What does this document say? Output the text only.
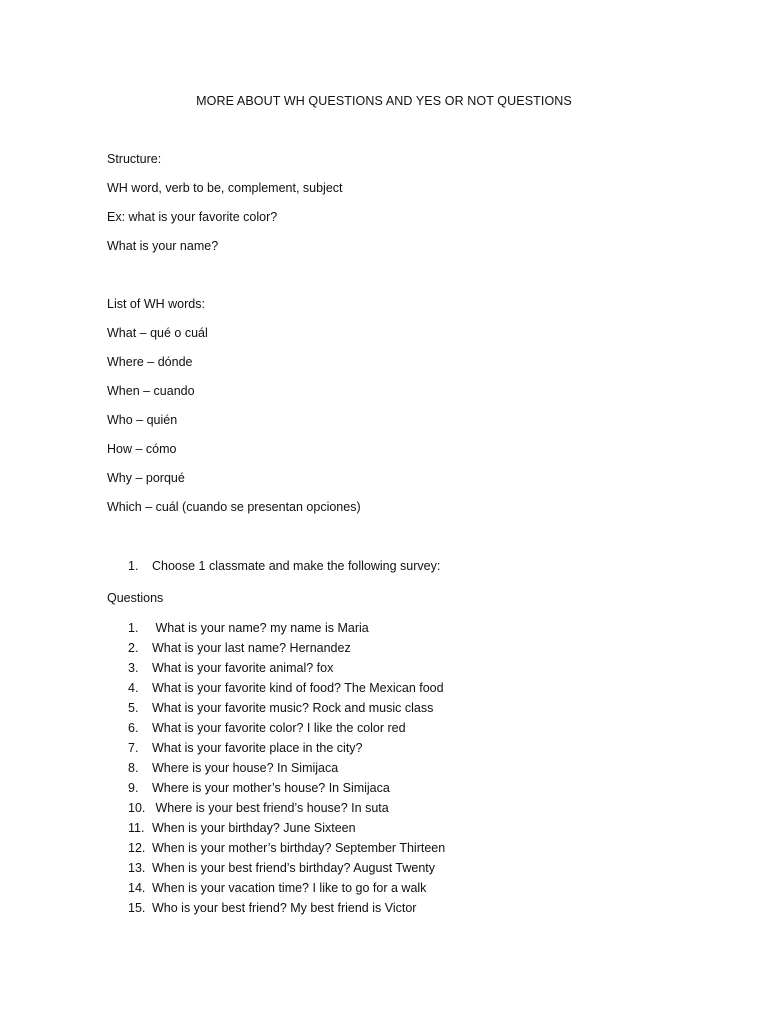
MORE ABOUT WH QUESTIONS AND YES OR NOT QUESTIONS
Structure:
WH word, verb to be, complement, subject
Ex: what is your favorite color?
What is your name?
List of WH words:
What – qué o cuál
Where – dónde
When – cuando
Who – quién
How – cómo
Why – porqué
Which – cuál (cuando se presentan opciones)
1. Choose 1 classmate and make the following survey:
Questions
1. What is your name? my name is Maria
2. What is your last name? Hernandez
3. What is your favorite animal? fox
4. What is your favorite kind of food? The Mexican food
5. What is your favorite music? Rock and music class
6. What is your favorite color? I like the color red
7. What is your favorite place in the city?
8. Where is your house? In Simijaca
9. Where is your mother’s house? In Simijaca
10. Where is your best friend’s house? In suta
11. When is your birthday? June Sixteen
12. When is your mother’s birthday? September Thirteen
13. When is your best friend’s birthday? August Twenty
14. When is your vacation time? I like to go for a walk
15. Who is your best friend? My best friend is Victor
